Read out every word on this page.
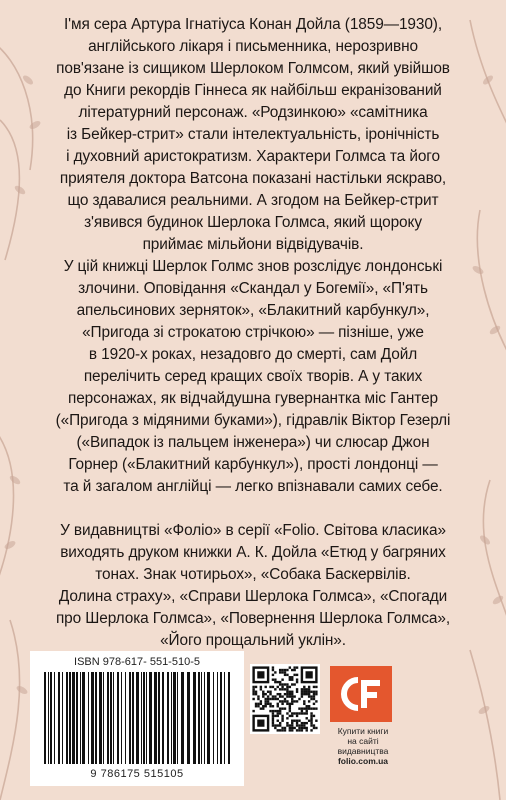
І'мя сера Артура Ігнатіуса Конан Дойла (1859—1930),
англійського лікаря і письменника, нерозривно
пов'язане із сищиком Шерлоком Голмсом, який увійшов
до Книги рекордів Гіннеса як найбільш екранізований
літературний персонаж. «Родзинкою» «самітника
із Бейкер-стрит» стали інтелектуальність, іронічність
і духовний аристократизм. Характери Голмса та його
приятеля доктора Ватсона показані настільки яскраво,
що здавалися реальними. А згодом на Бейкер-стрит
з'явився будинок Шерлока Голмса, який щороку
приймає мільйони відвідувачів.
У цій книжці Шерлок Голмс знов розслідує лондонські
злочини. Оповідання «Скандал у Богемії», «П'ять
апельсинових зерняток», «Блакитний карбункул»,
«Пригода зі строкатою стрічкою» — пізніше, уже
в 1920-х роках, незадовго до смерті, сам Дойл
перелічить серед кращих своїх творів. А у таких
персонажах, як відчайдушна гувернантка міс Гантер
(«Пригода з мідяними буками»), гідравлік Віктор Гезерлі
(«Випадок із пальцем інженера») чи слюсар Джон
Горнер («Блакитний карбункул»), прості лондонці —
та й загалом англійці — легко впізнавали самих себе.
У видавництві «Фоліо» в серії «Folio. Світова класика»
виходять друком книжки А. К. Дойла «Етюд у багряних
тонах. Знак чотирьох», «Собака Баскервілів.
Долина страху», «Справи Шерлока Голмса», «Спогади
про Шерлока Голмса», «Повернення Шерлока Голмса»,
«Його прощальний уклін».
ISBN 978-617- 551-510-5
9 786175 515105
Купити книги
на сайті
видавництва
folio.com.ua
